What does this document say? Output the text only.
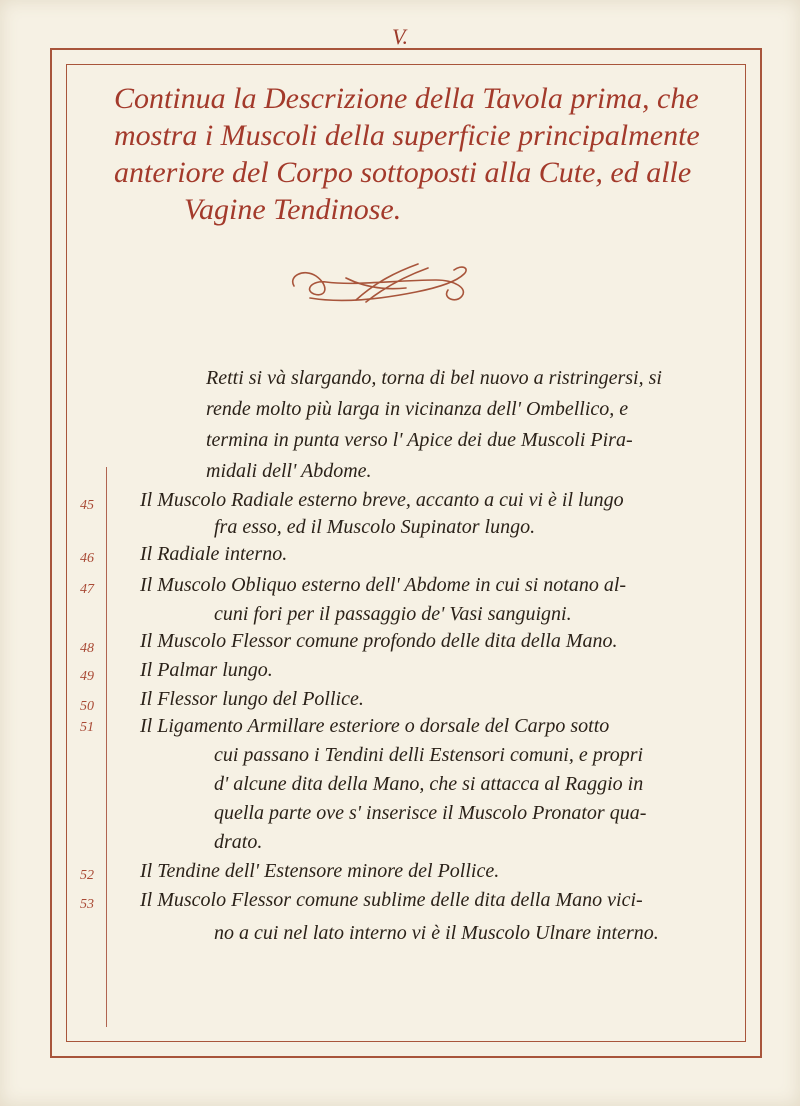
V.
Continua la Descrizione della Tavola prima, che
mostra i Muscoli della superficie principalmente
anteriore del Corpo sottoposti alla Cute, ed alle
Vagine Tendinose.
Retti si và slargando, torna di bel nuovo a ristringersi, si
rende molto più larga in vicinanza dell' Ombellico, e
termina in punta verso l' Apice dei due Muscoli Pira-
midali dell' Abdome.
45	Il Muscolo Radiale esterno breve, accanto a cui vi è il lungo
fra esso, ed il Muscolo Supinator lungo.
46	Il Radiale interno.
47	Il Muscolo Obliquo esterno dell' Abdome in cui si notano al-
cuni fori per il passaggio de' Vasi sanguigni.
48	Il Muscolo Flessor comune profondo delle dita della Mano.
49	Il Palmar lungo.
50	Il Flessor lungo del Pollice.
51	Il Ligamento Armillare esteriore o dorsale del Carpo sotto
cui passano i Tendini delli Estensori comuni, e propri
d' alcune dita della Mano, che si attacca al Raggio in
quella parte ove s' inserisce il Muscolo Pronator qua-
drato.
52	Il Tendine dell' Estensore minore del Pollice.
53	Il Muscolo Flessor comune sublime delle dita della Mano vici-
no a cui nel lato interno vi è il Muscolo Ulnare interno.
